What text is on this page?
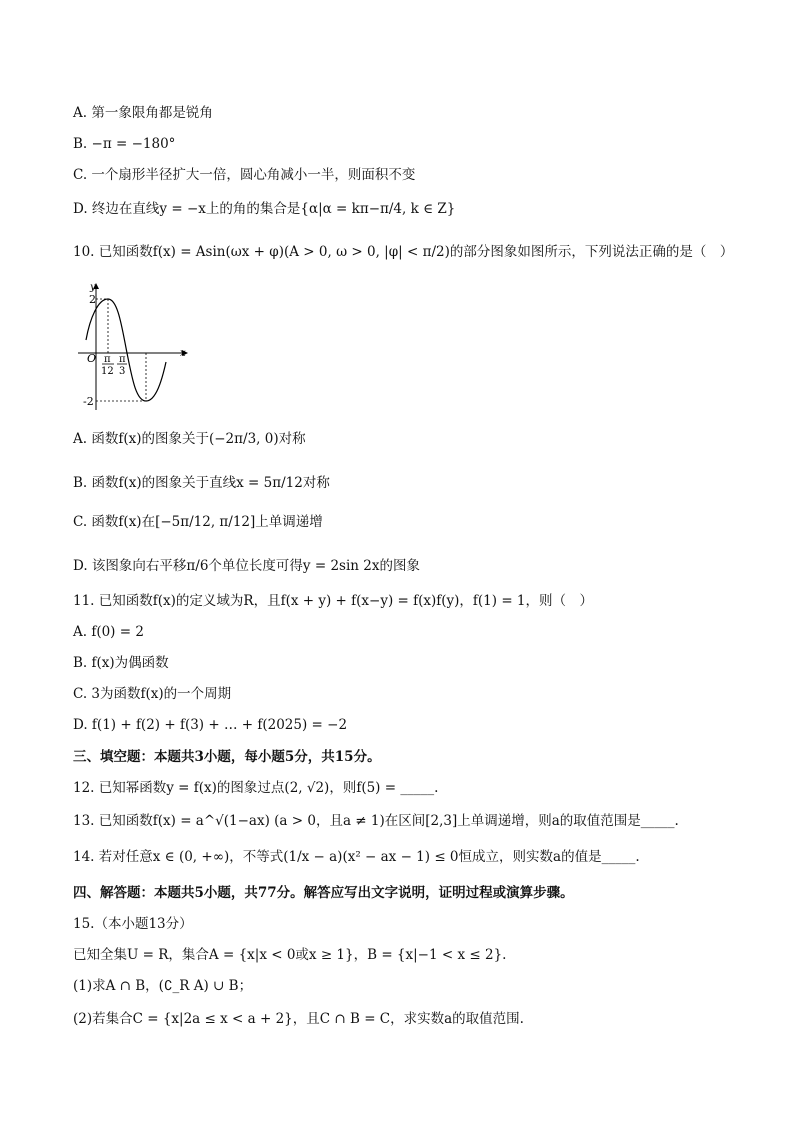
A. 第一象限角都是锐角
B. −π = −180°
C. 一个扇形半径扩大一倍，圆心角减小一半，则面积不变
D. 终边在直线y = −x上的角的集合是{α|α = kπ−π/4, k ∈ Z}
10. 已知函数f(x) = Asin(ωx + φ)(A > 0, ω > 0, |φ| < π/2)的部分图象如图所示，下列说法正确的是（　）
y
x
O
2
-2
π
12
π
3
A. 函数f(x)的图象关于(−2π/3, 0)对称
B. 函数f(x)的图象关于直线x = 5π/12对称
C. 函数f(x)在[−5π/12, π/12]上单调递增
D. 该图象向右平移π/6个单位长度可得y = 2sin 2x的图象
11. 已知函数f(x)的定义域为R，且f(x + y) + f(x−y) = f(x)f(y)，f(1) = 1，则（　）
A. f(0) = 2
B. f(x)为偶函数
C. 3为函数f(x)的一个周期
D. f(1) + f(2) + f(3) + … + f(2025) = −2
三、填空题：本题共3小题，每小题5分，共15分。
12. 已知幂函数y = f(x)的图象过点(2, √2)，则f(5) = _____.
13. 已知函数f(x) = a^√(1−ax) (a > 0，且a ≠ 1)在区间[2,3]上单调递增，则a的取值范围是_____.
14. 若对任意x ∈ (0, +∞)，不等式(1/x − a)(x² − ax − 1) ≤ 0恒成立，则实数a的值是_____.
四、解答题：本题共5小题，共77分。解答应写出文字说明，证明过程或演算步骤。
15.（本小题13分）
已知全集U = R，集合A = {x|x < 0或x ≥ 1}，B = {x|−1 < x ≤ 2}.
(1)求A ∩ B，(∁_R A) ∪ B；
(2)若集合C = {x|2a ≤ x < a + 2}，且C ∩ B = C，求实数a的取值范围.
